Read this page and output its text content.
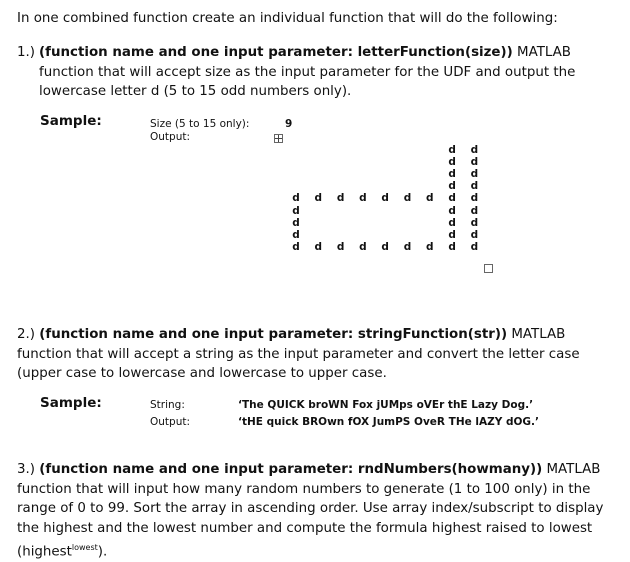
In one combined function create an individual function that will do the following:
1.) (function name and one input parameter: letterFunction(size)) MATLAB function that will accept size as the input parameter for the UDF and output the lowercase letter d (5 to 15 odd numbers only).
Sample:	Size (5 to 15 only):	9
Output:
d d
d d
d d
d d
d d
d d
d d
d d
d d
d
d
d
d
d
d
d
d
d
d
d
d
d
d
d
d
d
2.) (function name and one input parameter: stringFunction(str)) MATLAB function that will accept a string as the input parameter and convert the letter case (upper case to lowercase and lowercase to upper case.
Sample:	String:	‘The QUICK broWN Fox jUMps oVEr thE Lazy Dog.’
Output:	‘tHE quick BROwn fOX JumPS OveR THe lAZY dOG.’
3.) (function name and one input parameter: rndNumbers(howmany)) MATLAB function that will input how many random numbers to generate (1 to 100 only) in the range of 0 to 99. Sort the array in ascending order. Use array index/subscript to display the highest and the lowest number and compute the formula highest raised to lowest (highest$^{lowest}$).
